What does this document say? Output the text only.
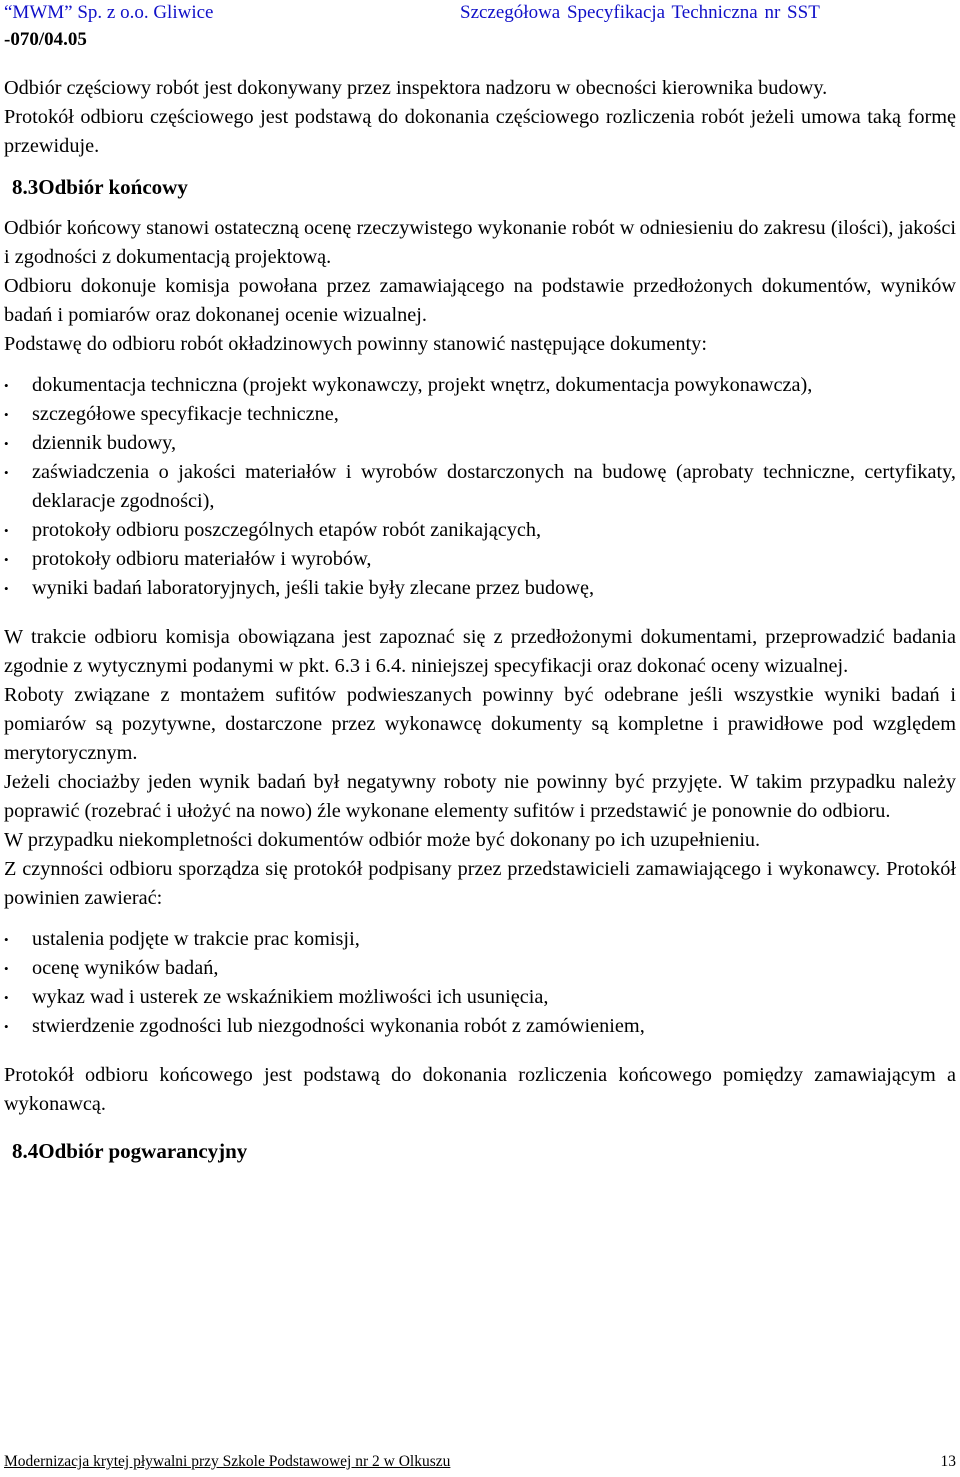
“MWM” Sp. z o.o. Gliwice
-070/04.05
Szczegółowa Specyfikacja Techniczna nr SST

Odbiór częściowy robót jest dokonywany przez inspektora nadzoru w obecności kierownika budowy.

Protokół odbioru częściowego jest podstawą do dokonania częściowego rozliczenia robót jeżeli umowa taką formę przewiduje.

8.3Odbiór końcowy

Odbiór końcowy stanowi ostateczną ocenę rzeczywistego wykonanie robót w odniesieniu do zakresu (ilości), jakości i zgodności z dokumentacją projektową.

Odbioru dokonuje komisja powołana przez zamawiającego na podstawie przedłożonych dokumentów, wyników badań i pomiarów oraz dokonanej ocenie wizualnej.

Podstawę do odbioru robót okładzinowych powinny stanowić następujące dokumenty:

• dokumentacja techniczna (projekt wykonawczy, projekt wnętrz, dokumentacja powykonawcza),
• szczegółowe specyfikacje techniczne,
• dziennik budowy,
• zaświadczenia o jakości materiałów i wyrobów dostarczonych na budowę (aprobaty techniczne, certyfikaty, deklaracje zgodności),
• protokoły odbioru poszczególnych etapów robót zanikających,
• protokoły odbioru materiałów i wyrobów,
• wyniki badań laboratoryjnych, jeśli takie były zlecane przez budowę,

W trakcie odbioru komisja obowiązana jest zapoznać się z przedłożonymi dokumentami, przeprowadzić badania zgodnie z wytycznymi podanymi w pkt. 6.3 i 6.4. niniejszej specyfikacji oraz dokonać oceny wizualnej.

Roboty związane z montażem sufitów podwieszanych powinny być odebrane jeśli wszystkie wyniki badań i pomiarów są pozytywne, dostarczone przez wykonawcę dokumenty są kompletne i prawidłowe pod względem merytorycznym.

Jeżeli chociażby jeden wynik badań był negatywny roboty nie powinny być przyjęte. W takim przypadku należy poprawić (rozebrać i ułożyć na nowo) źle wykonane elementy sufitów i przedstawić je ponownie do odbioru.

W przypadku niekompletności dokumentów odbiór może być dokonany po ich uzupełnieniu.

Z czynności odbioru sporządza się protokół podpisany przez przedstawicieli zamawiającego i wykonawcy. Protokół powinien zawierać:

• ustalenia podjęte w trakcie prac komisji,
• ocenę wyników badań,
• wykaz wad i usterek ze wskaźnikiem możliwości ich usunięcia,
• stwierdzenie zgodności lub niezgodności wykonania robót z zamówieniem,

Protokół odbioru końcowego jest podstawą do dokonania rozliczenia końcowego pomiędzy zamawiającym a wykonawcą.

8.4Odbiór pogwarancyjny
Modernizacja krytej pływalni przy Szkole Podstawowej nr 2 w Olkuszu	13
